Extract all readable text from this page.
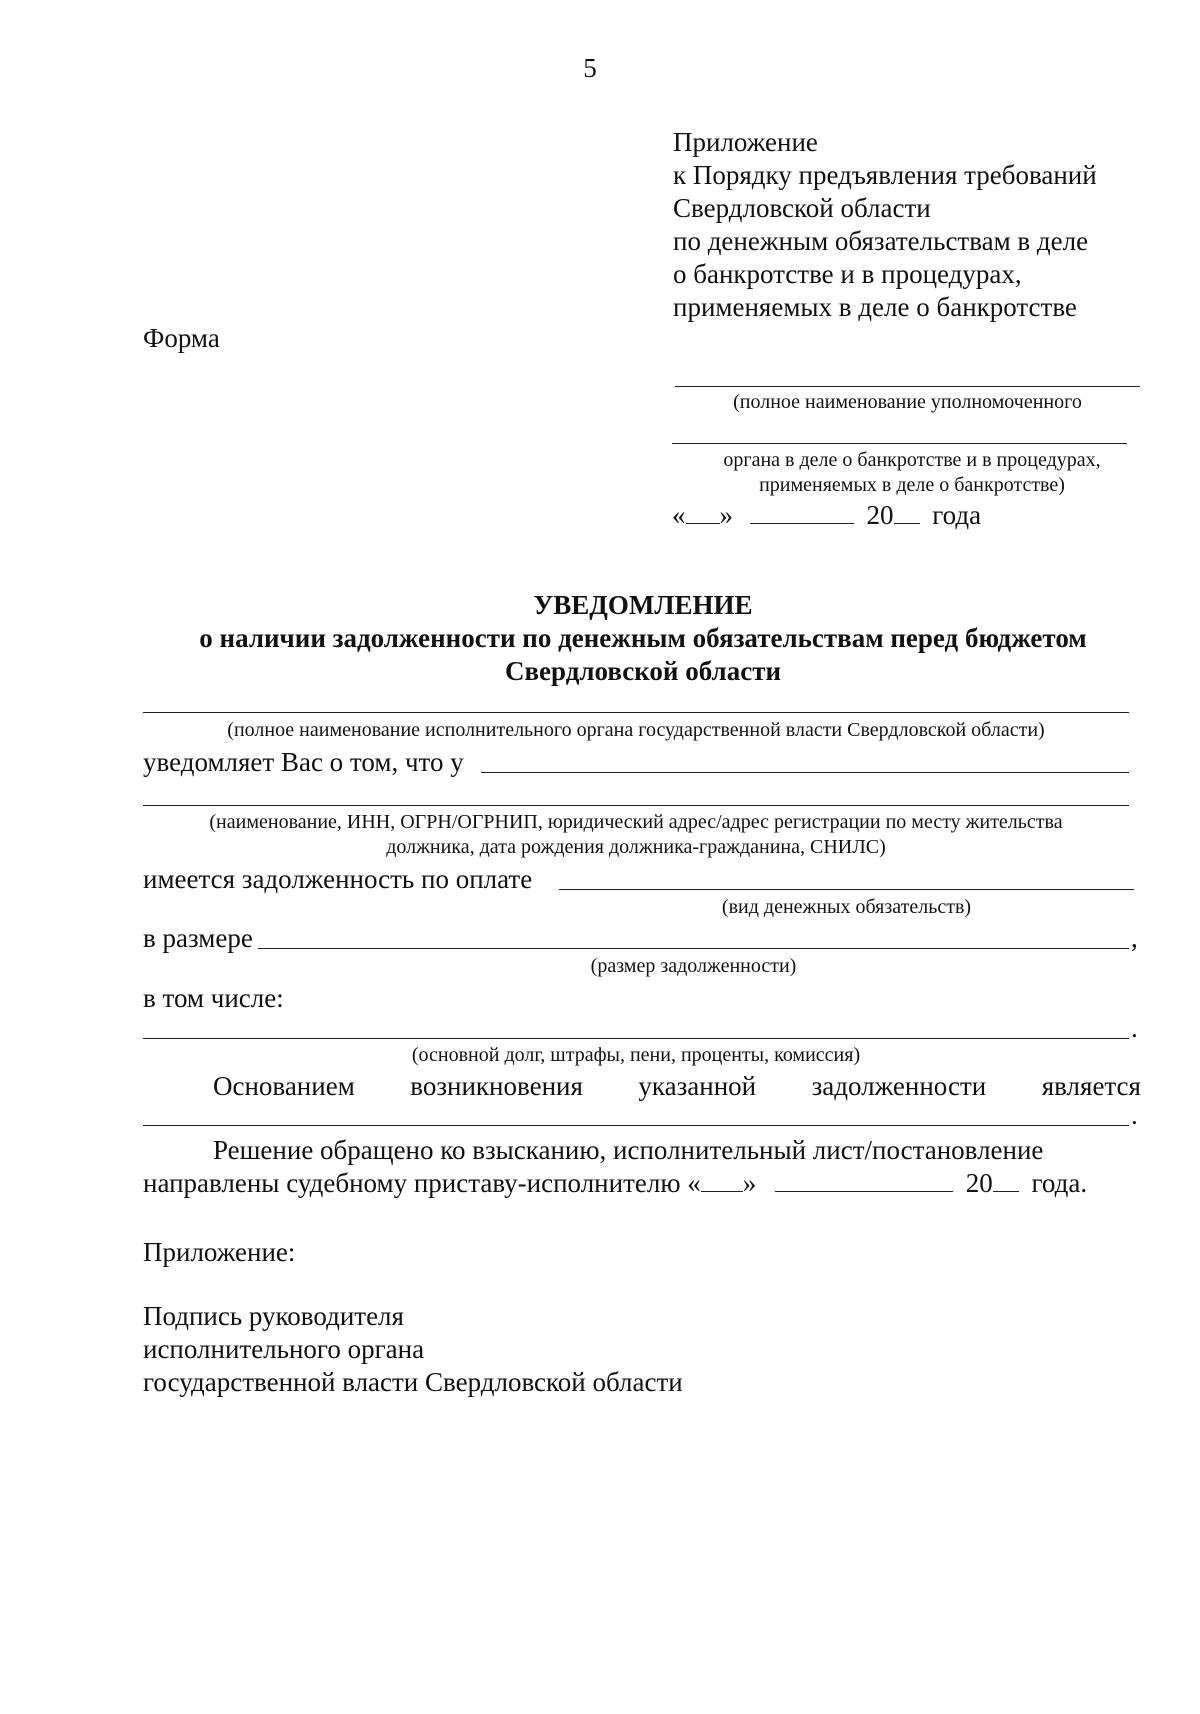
5
Приложение
к Порядку предъявления требований
Свердловской области
по денежным обязательствам в деле
о банкротстве и в процедурах,
применяемых в деле о банкротстве
Форма
(полное наименование уполномоченного
органа в деле о банкротстве и в процедурах,
применяемых в деле о банкротстве)
« »	20 года
УВЕДОМЛЕНИЕ
о наличии задолженности по денежным обязательствам перед бюджетом
Свердловской области
(полное наименование исполнительного органа государственной власти Свердловской области)
уведомляет Вас о том, что у
(наименование, ИНН, ОГРН/ОГРНИП, юридический адрес/адрес регистрации по месту жительства
должника, дата рождения должника-гражданина, СНИЛС)
имеется задолженность по оплате
(вид денежных обязательств)
в размере	,
(размер задолженности)
в том числе:
.
(основной долг, штрафы, пени, проценты, комиссия)
Основанием возникновения указанной задолженности является
.
Решение обращено ко взысканию, исполнительный лист/постановление
направлены судебному приставу-исполнителю « »	20 года.
Приложение:
Подпись руководителя
исполнительного органа
государственной власти Свердловской области
